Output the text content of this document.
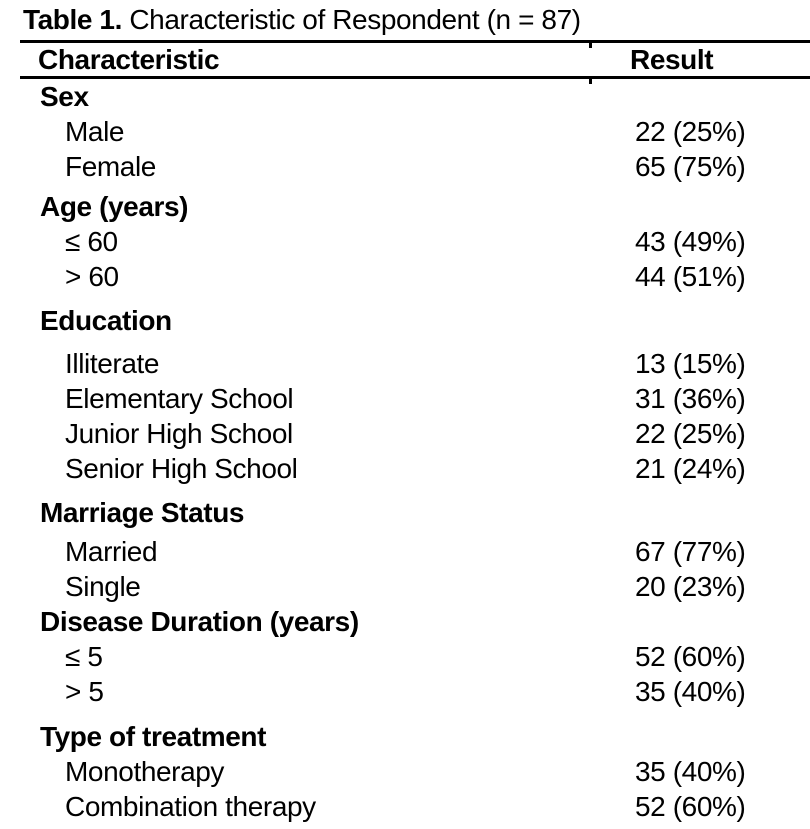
Table 1. Characteristic of Respondent (n = 87)
Characteristic	Result
Sex
Male	22 (25%)
Female	65 (75%)
Age (years)
≤ 60	43 (49%)
> 60	44 (51%)
Education
Illiterate	13 (15%)
Elementary School	31 (36%)
Junior High School	22 (25%)
Senior High School	21 (24%)
Marriage Status
Married	67 (77%)
Single	20 (23%)
Disease Duration (years)
≤ 5	52 (60%)
> 5	35 (40%)
Type of treatment
Monotherapy	35 (40%)
Combination therapy	52 (60%)
